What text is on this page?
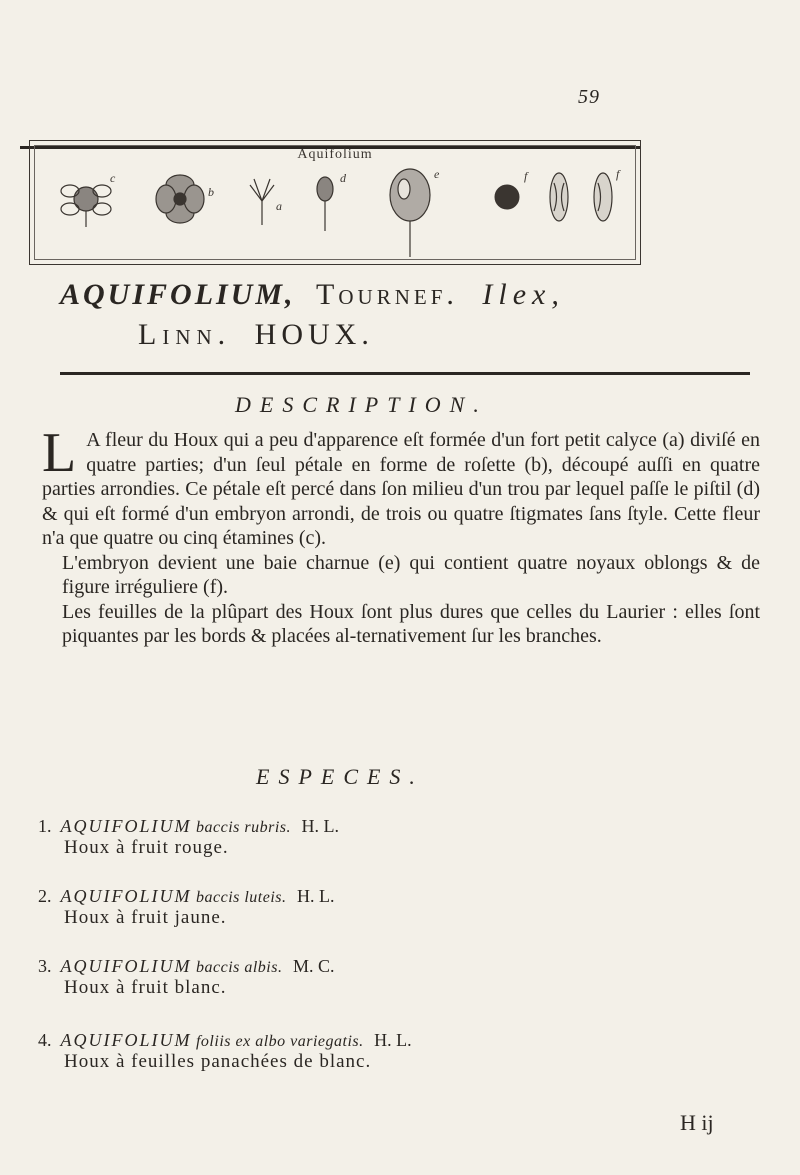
59
Aquifolium
c
b
a
d	e	f	f
AQUIFOLIUM, Tournef. Ilex,
Linn. HOUX.
DESCRIPTION.

L A fleur du Houx qui a peu d'apparence eſt formée d'un fort petit calyce (a) diviſé en quatre parties; d'un ſeul pétale en forme de roſette (b), découpé auſſi en quatre parties arrondies. Ce pétale eſt percé dans ſon milieu d'un trou par lequel paſſe le piſtil (d) & qui eſt formé d'un embryon arrondi, de trois ou quatre ſtigmates ſans ſtyle. Cette fleur n'a que quatre ou cinq étamines (c).

L'embryon devient une baie charnue (e) qui contient quatre noyaux oblongs & de figure irréguliere (f).

Les feuilles de la plûpart des Houx ſont plus dures que celles du Laurier : elles ſont piquantes par les bords & placées al-ternativement ſur les branches.

ESPECES.
1. AQUIFOLIUM baccis rubris. H. L.
Houx à fruit rouge.
2. AQUIFOLIUM baccis luteis. H. L.
Houx à fruit jaune.
3. AQUIFOLIUM baccis albis. M. C.
Houx à fruit blanc.
4. AQUIFOLIUM foliis ex albo variegatis. H. L.
Houx à feuilles panachées de blanc.
H ij
